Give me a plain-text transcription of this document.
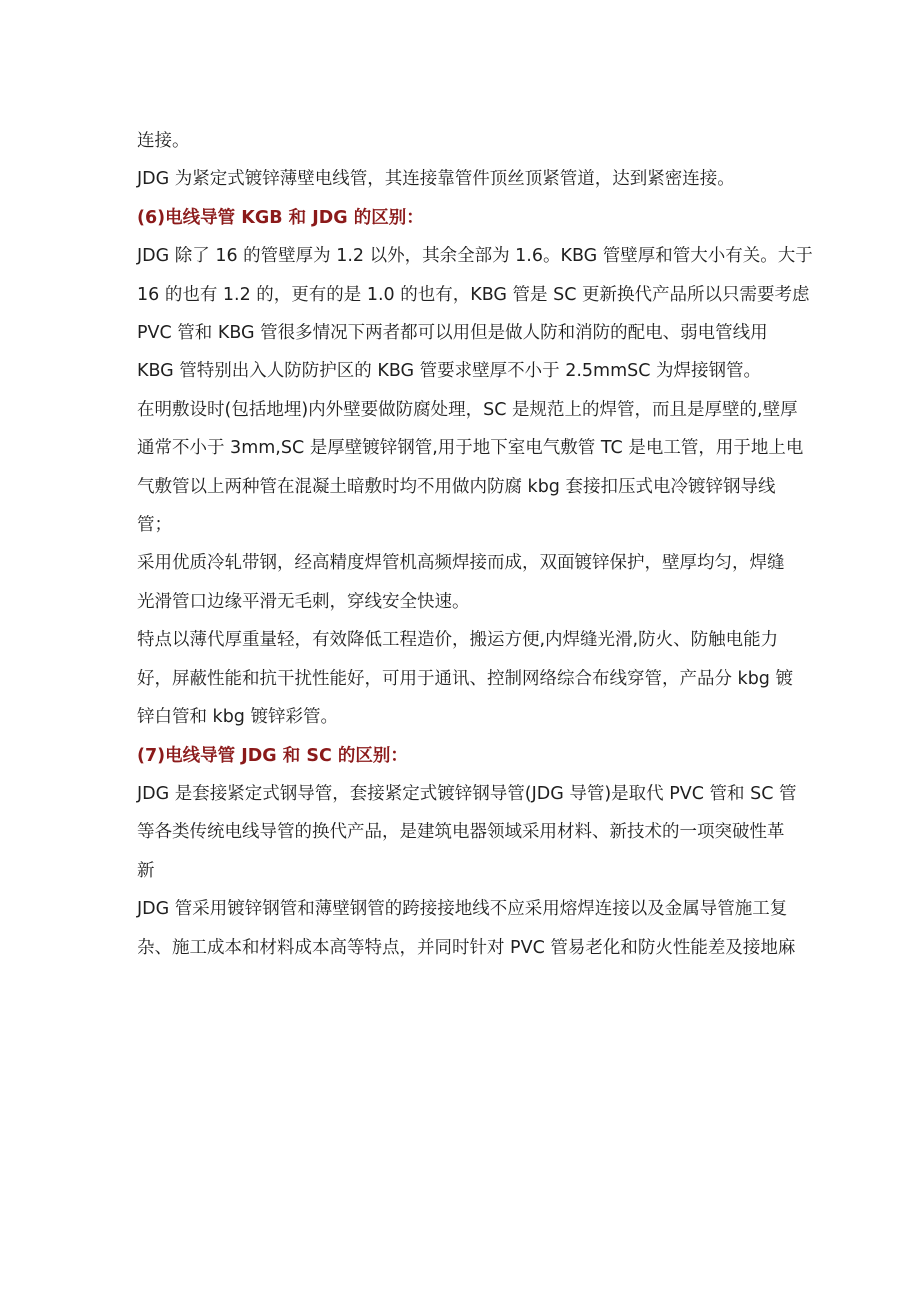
连接。
JDG 为紧定式镀锌薄壁电线管，其连接靠管件顶丝顶紧管道，达到紧密连接。
(6)电线导管 KGB 和 JDG 的区别：
JDG 除了 16 的管壁厚为 1.2 以外，其余全部为 1.6。KBG 管壁厚和管大小有关。大于
16 的也有 1.2 的，更有的是 1.0 的也有，KBG 管是 SC 更新换代产品所以只需要考虑
PVC 管和 KBG 管很多情况下两者都可以用但是做人防和消防的配电、弱电管线用
KBG 管特别出入人防防护区的 KBG 管要求壁厚不小于 2.5mmSC 为焊接钢管。
在明敷设时(包括地埋)内外壁要做防腐处理，SC 是规范上的焊管，而且是厚壁的,壁厚
通常不小于 3mm,SC 是厚壁镀锌钢管,用于地下室电气敷管 TC 是电工管，用于地上电
气敷管以上两种管在混凝土暗敷时均不用做内防腐 kbg 套接扣压式电冷镀锌钢导线
管；
采用优质冷轧带钢，经高精度焊管机高频焊接而成，双面镀锌保护，壁厚均匀，焊缝
光滑管口边缘平滑无毛刺，穿线安全快速。
特点以薄代厚重量轻，有效降低工程造价，搬运方便,内焊缝光滑,防火、防触电能力
好，屏蔽性能和抗干扰性能好，可用于通讯、控制网络综合布线穿管，产品分 kbg 镀
锌白管和 kbg 镀锌彩管。
(7)电线导管 JDG 和 SC 的区别：
JDG 是套接紧定式钢导管，套接紧定式镀锌钢导管(JDG 导管)是取代 PVC 管和 SC 管
等各类传统电线导管的换代产品，是建筑电器领域采用材料、新技术的一项突破性革
新
JDG 管采用镀锌钢管和薄壁钢管的跨接接地线不应采用熔焊连接以及金属导管施工复
杂、施工成本和材料成本高等特点，并同时针对 PVC 管易老化和防火性能差及接地麻
